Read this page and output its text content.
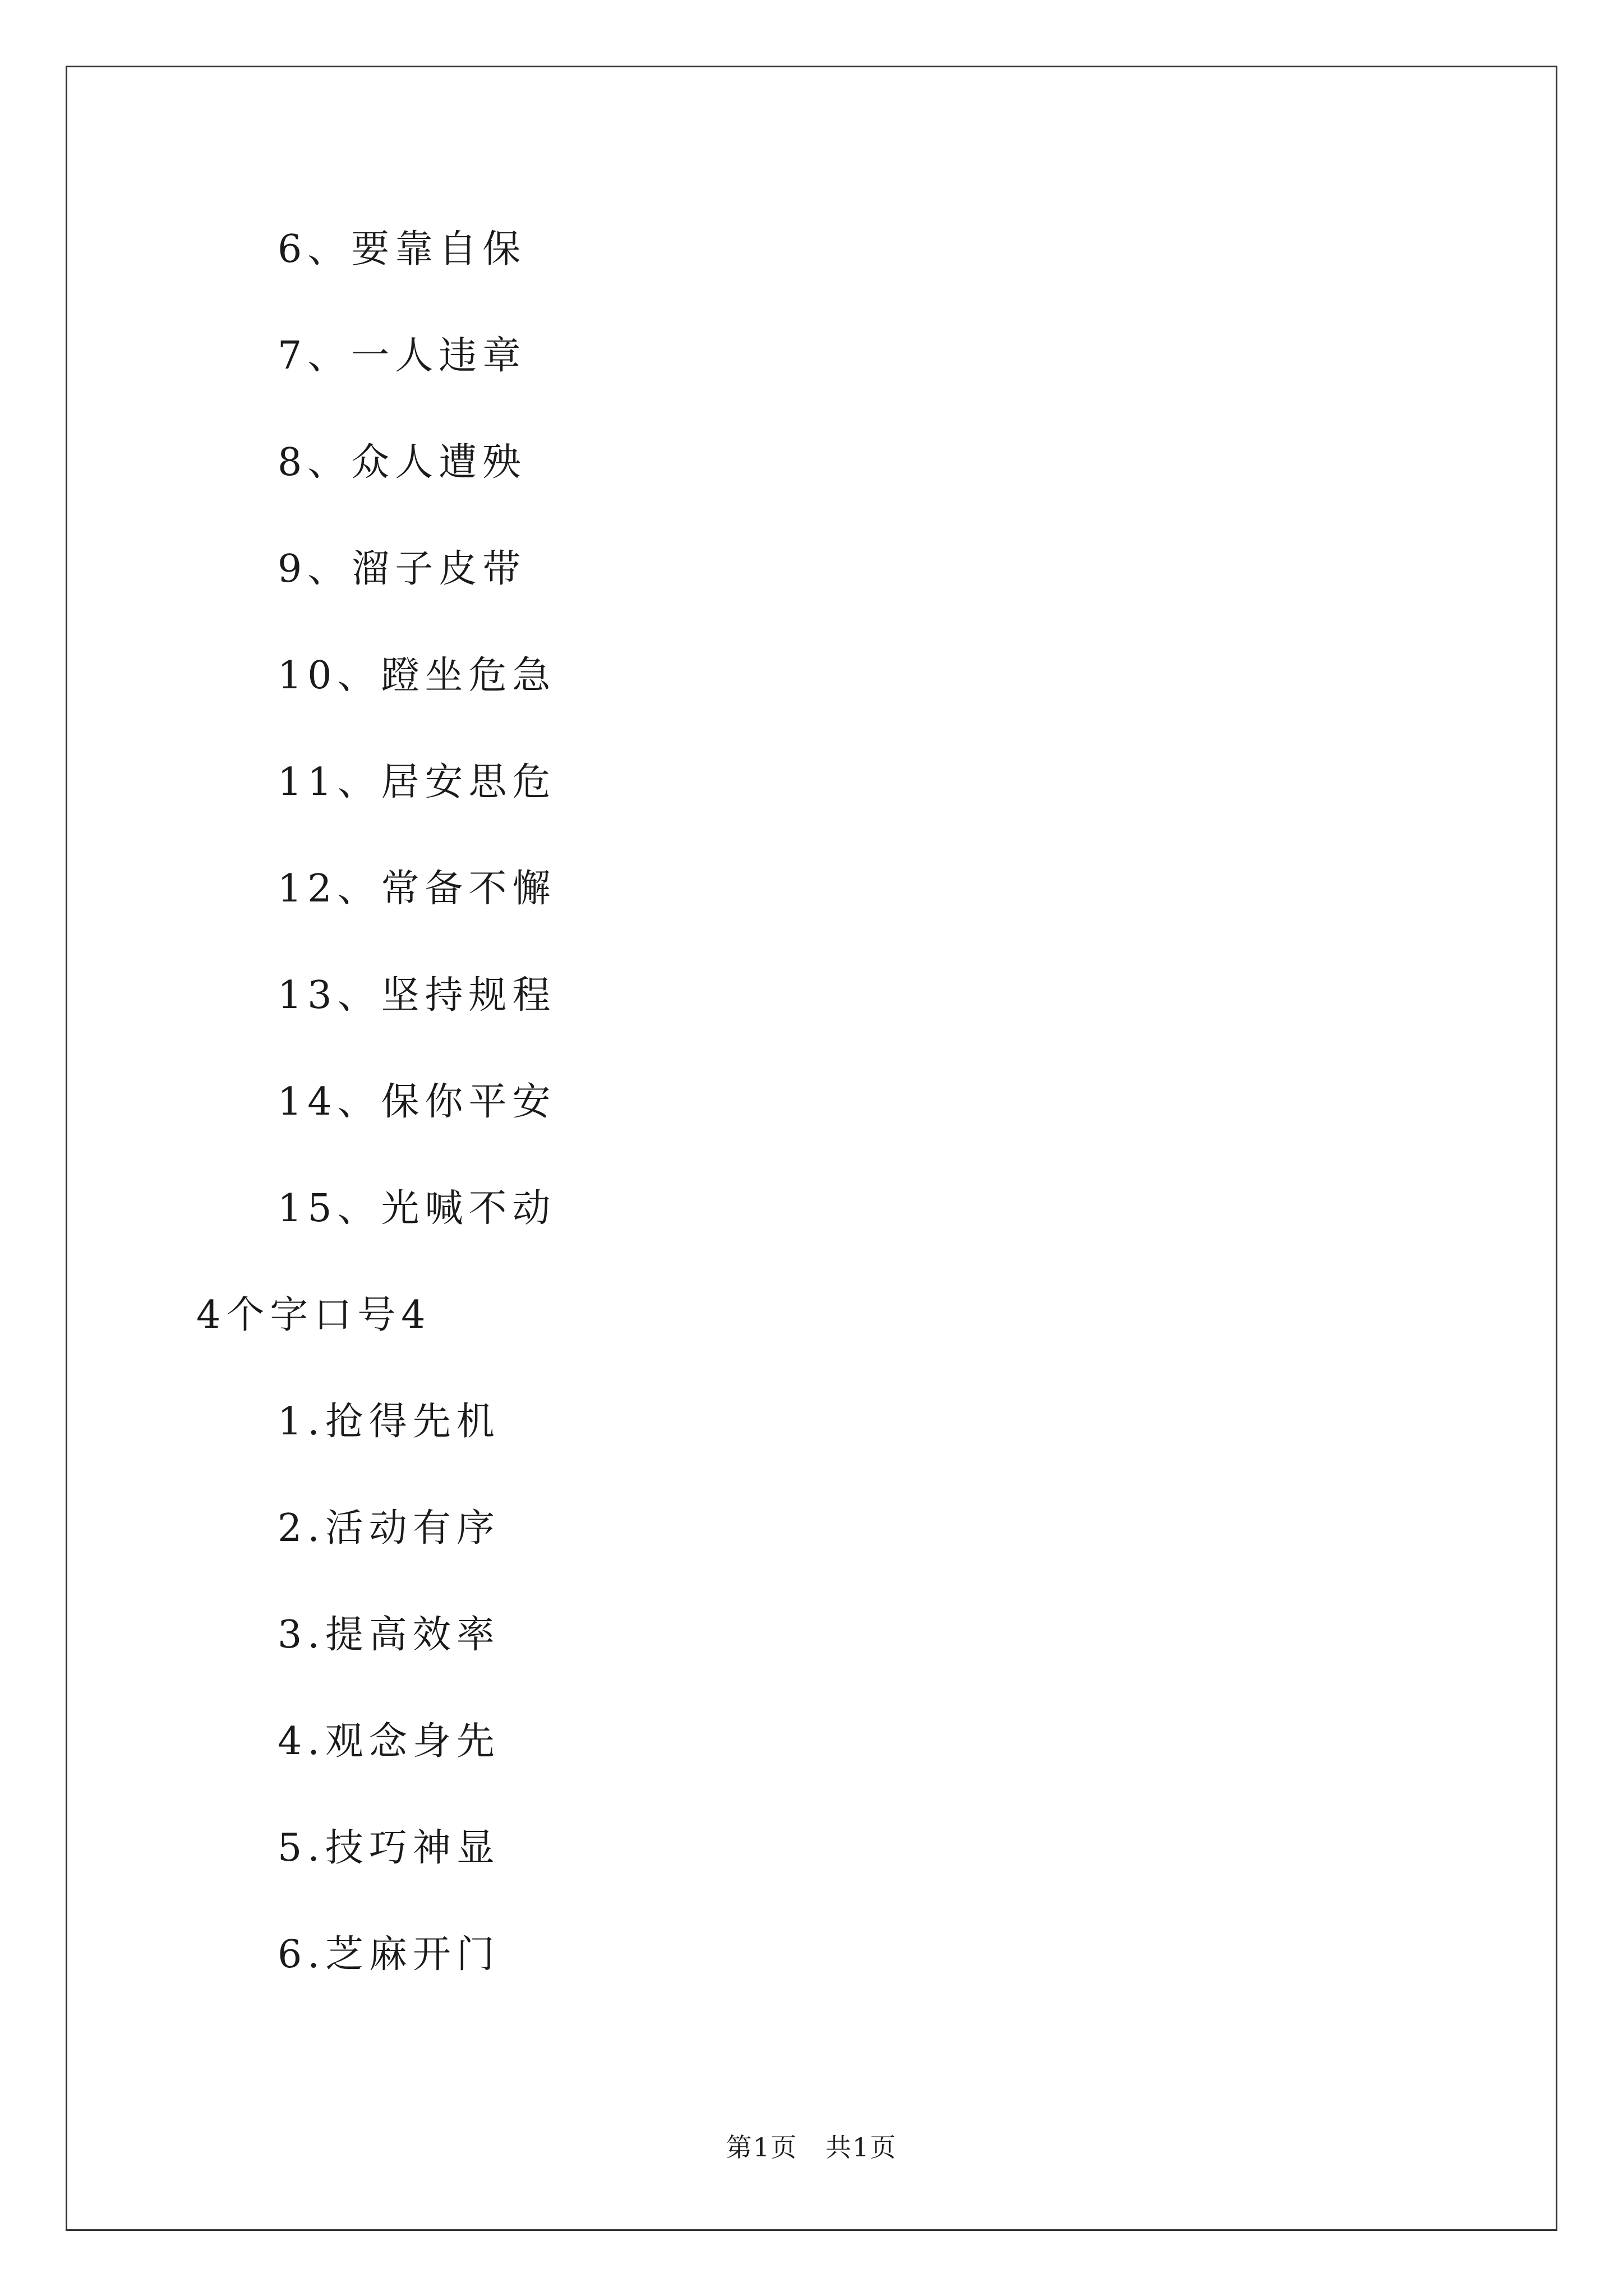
6、要靠自保
7、一人违章
8、众人遭殃
9、溜子皮带
10、蹬坐危急
11、居安思危
12、常备不懈
13、坚持规程
14、保你平安
15、光喊不动
4个字口号4
1.抢得先机
2.活动有序
3.提高效率
4.观念身先
5.技巧神显
6.芝麻开门
第1页   共1页
